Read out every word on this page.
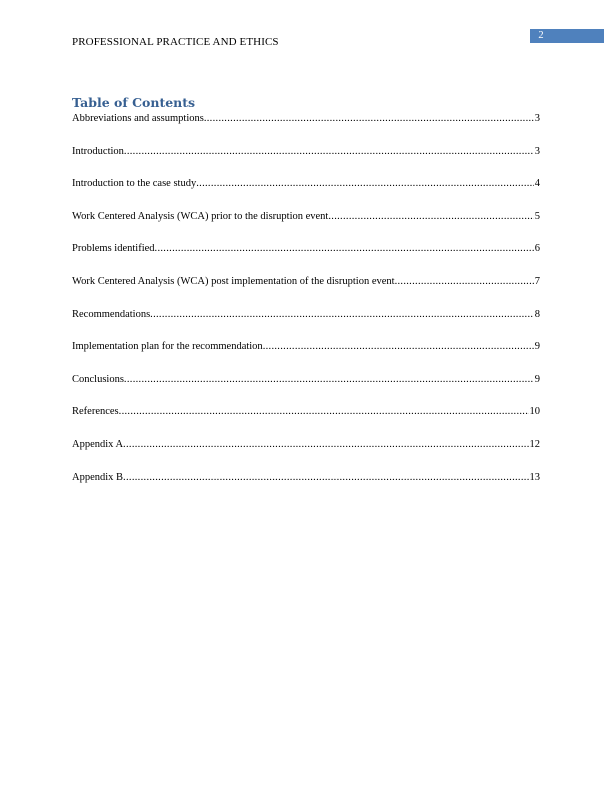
2
PROFESSIONAL PRACTICE AND ETHICS
Table of Contents
Abbreviations and assumptions .....	3
Introduction .....	3
Introduction to the case study .....	4
Work Centered Analysis (WCA) prior to the disruption event .....	5
Problems identified .....	6
Work Centered Analysis (WCA) post implementation of the disruption event .....	7
Recommendations .....	8
Implementation plan for the recommendation .....	9
Conclusions .....	9
References .....	10
Appendix A .....	12
Appendix B .....	13
